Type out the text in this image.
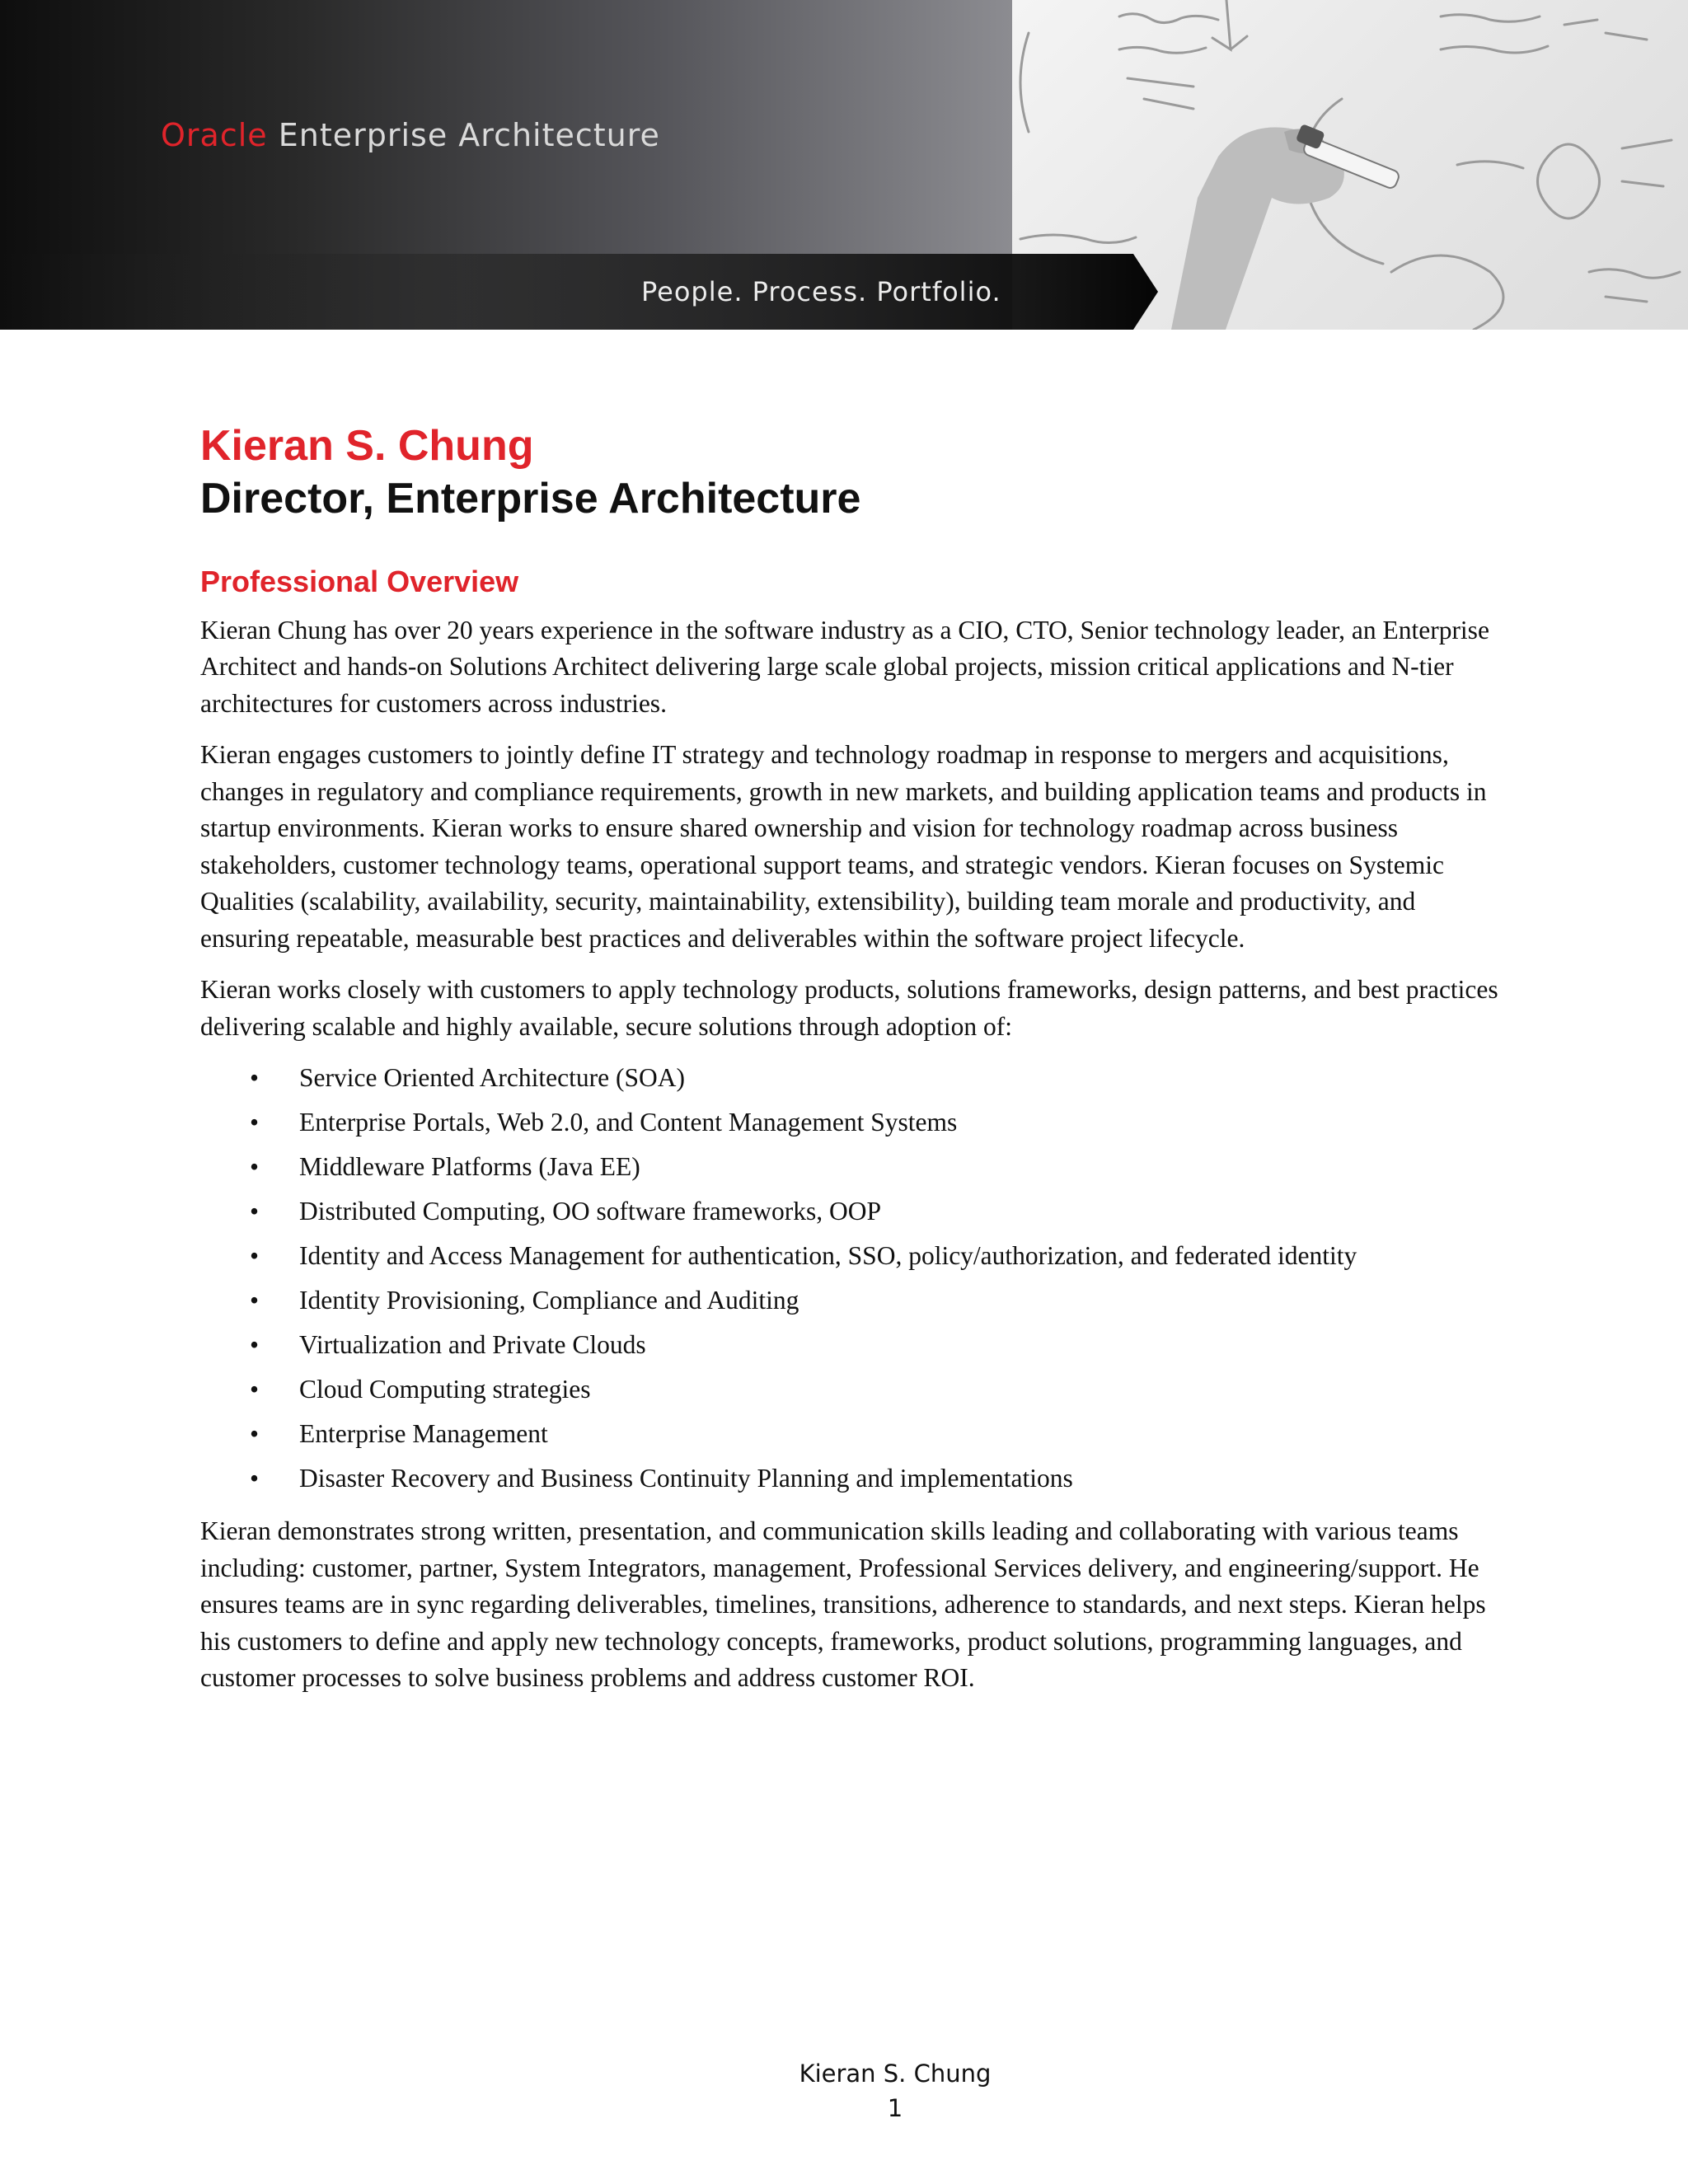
Oracle Enterprise Architecture
People. Process. Portfolio.
Kieran S. Chung
Director, Enterprise Architecture
Professional Overview

Kieran Chung has over 20 years experience in the software industry as a CIO, CTO, Senior technology leader, an Enterprise Architect and hands-on Solutions Architect delivering large scale global projects, mission critical applications and N-tier architectures for customers across industries.

Kieran engages customers to jointly define IT strategy and technology roadmap in response to mergers and acquisitions, changes in regulatory and compliance requirements, growth in new markets, and building application teams and products in startup environments. Kieran works to ensure shared ownership and vision for technology roadmap across business stakeholders, customer technology teams, operational support teams, and strategic vendors. Kieran focuses on Systemic Qualities (scalability, availability, security, maintainability, extensibility), building team morale and productivity, and ensuring repeatable, measurable best practices and deliverables within the software project lifecycle.

Kieran works closely with customers to apply technology products, solutions frameworks, design patterns, and best practices delivering scalable and highly available, secure solutions through adoption of:

• Service Oriented Architecture (SOA)
• Enterprise Portals, Web 2.0, and Content Management Systems
• Middleware Platforms (Java EE)
• Distributed Computing, OO software frameworks, OOP
• Identity and Access Management for authentication, SSO, policy/authorization, and federated identity
• Identity Provisioning, Compliance and Auditing
• Virtualization and Private Clouds
• Cloud Computing strategies
• Enterprise Management
• Disaster Recovery and Business Continuity Planning and implementations

Kieran demonstrates strong written, presentation, and communication skills leading and collaborating with various teams including: customer, partner, System Integrators, management, Professional Services delivery, and engineering/support. He ensures teams are in sync regarding deliverables, timelines, transitions, adherence to standards, and next steps. Kieran helps his customers to define and apply new technology concepts, frameworks, product solutions, programming languages, and customer processes to solve business problems and address customer ROI.

Kieran S. Chung
1
